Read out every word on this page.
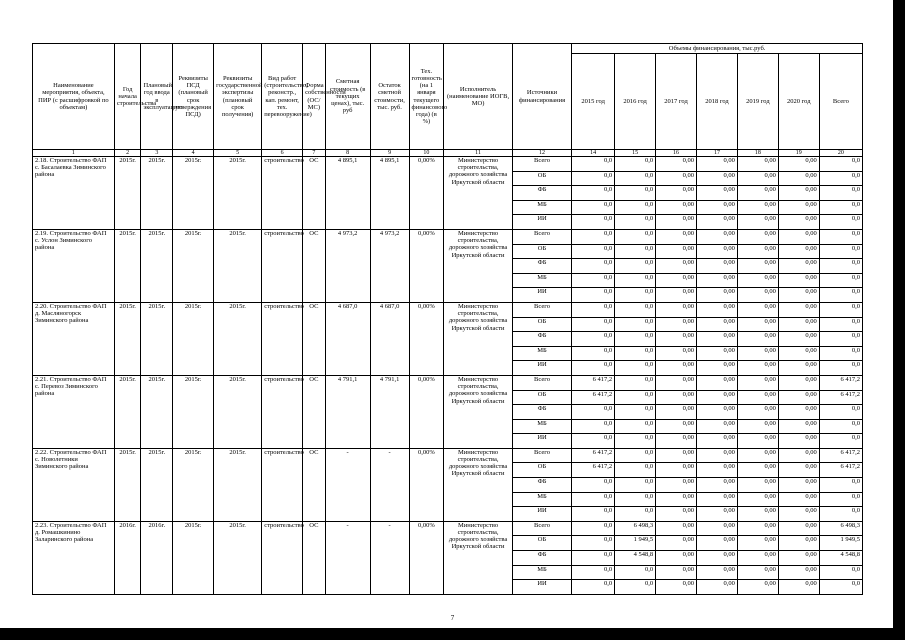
Наименование мероприятия, объекта, ПИР (с расшифровкой по объектам)	Год начала строительства	Плановый год ввода в эксплуатацию	Реквизиты ПСД (плановый срок утверждения ПСД)	Реквизиты государственной экспертизы (плановый срок получения)	Вид работ (строительство, реконстр., кап. ремонт, тех. перевооружение)	Форма собственности (ОС/МС)	Сметная стоимость (в текущих ценах), тыс. руб	Остаток сметной стоимости, тыс. руб.	Тех. готовность (на 1 января текущего финансового года) (в %)	Исполнитель (наименование ИОГВ, МО)	Источники финансирования	Объемы финансирования, тыс.руб.						
												2015 год	2016 год	2017 год	2018 год	2019 год	2020 год	Всего
1	2	3	4	5	6	7	8	9	10	11	12	14	15	16	17	18	19	20
2.18. Строительство ФАП с. Басалаевка Зиминского района	2015г.	2015г.	2015г.	2015г.	строительство	ОС	4 895,1	4 895,1	0,00%	Министерство строительства, дорожного хозяйства Иркутской области	Всего	0,0	0,0	0,00	0,00	0,00	0,00	0,0
											ОБ	0,0	0,0	0,00	0,00	0,00	0,00	0,0
											ФБ	0,0	0,0	0,00	0,00	0,00	0,00	0,0
											МБ	0,0	0,0	0,00	0,00	0,00	0,00	0,0
											ИИ	0,0	0,0	0,00	0,00	0,00	0,00	0,0
2.19. Строительство ФАП с. Услон Зиминского района	2015г.	2015г.	2015г.	2015г.	строительство	ОС	4 973,2	4 973,2	0,00%	Министерство строительства, дорожного хозяйства Иркутской области	Всего	0,0	0,0	0,00	0,00	0,00	0,00	0,0
											ОБ	0,0	0,0	0,00	0,00	0,00	0,00	0,0
											ФБ	0,0	0,0	0,00	0,00	0,00	0,00	0,0
											МБ	0,0	0,0	0,00	0,00	0,00	0,00	0,0
											ИИ	0,0	0,0	0,00	0,00	0,00	0,00	0,0
2.20. Строительство ФАП д. Масляногорск Зиминского района	2015г.	2015г.	2015г.	2015г.	строительство	ОС	4 687,0	4 687,0	0,00%	Министерство строительства, дорожного хозяйства Иркутской области	Всего	0,0	0,0	0,00	0,00	0,00	0,00	0,0
											ОБ	0,0	0,0	0,00	0,00	0,00	0,00	0,0
											ФБ	0,0	0,0	0,00	0,00	0,00	0,00	0,0
											МБ	0,0	0,0	0,00	0,00	0,00	0,00	0,0
											ИИ	0,0	0,0	0,00	0,00	0,00	0,00	0,0
2.21. Строительство ФАП с. Перевоз Зиминского района	2015г.	2015г.	2015г.	2015г.	строительство	ОС	4 791,1	4 791,1	0,00%	Министерство строительства, дорожного хозяйства Иркутской области	Всего	6 417,2	0,0	0,00	0,00	0,00	0,00	6 417,2
											ОБ	6 417,2	0,0	0,00	0,00	0,00	0,00	6 417,2
											ФБ	0,0	0,0	0,00	0,00	0,00	0,00	0,0
											МБ	0,0	0,0	0,00	0,00	0,00	0,00	0,0
											ИИ	0,0	0,0	0,00	0,00	0,00	0,00	0,0
2.22. Строительство ФАП с. Новолетники Зиминского района	2015г.	2015г.	2015г.	2015г.	строительство	ОС	-	-	0,00%	Министерство строительства, дорожного хозяйства Иркутской области	Всего	6 417,2	0,0	0,00	0,00	0,00	0,00	6 417,2
											ОБ	6 417,2	0,0	0,00	0,00	0,00	0,00	6 417,2
											ФБ	0,0	0,0	0,00	0,00	0,00	0,00	0,0
											МБ	0,0	0,0	0,00	0,00	0,00	0,00	0,0
											ИИ	0,0	0,0	0,00	0,00	0,00	0,00	0,0
2.23. Строительство ФАП д. Ромашкинино Заларинского района	2016г.	2016г.	2015г.	2015г.	строительство	ОС	-	-	0,00%	Министерство строительства, дорожного хозяйства Иркутской области	Всего	0,0	6 498,3	0,00	0,00	0,00	0,00	6 498,3
											ОБ	0,0	1 949,5	0,00	0,00	0,00	0,00	1 949,5
											ФБ	0,0	4 548,8	0,00	0,00	0,00	0,00	4 548,8
											МБ	0,0	0,0	0,00	0,00	0,00	0,00	0,0
											ИИ	0,0	0,0	0,00	0,00	0,00	0,00	0,0
7
